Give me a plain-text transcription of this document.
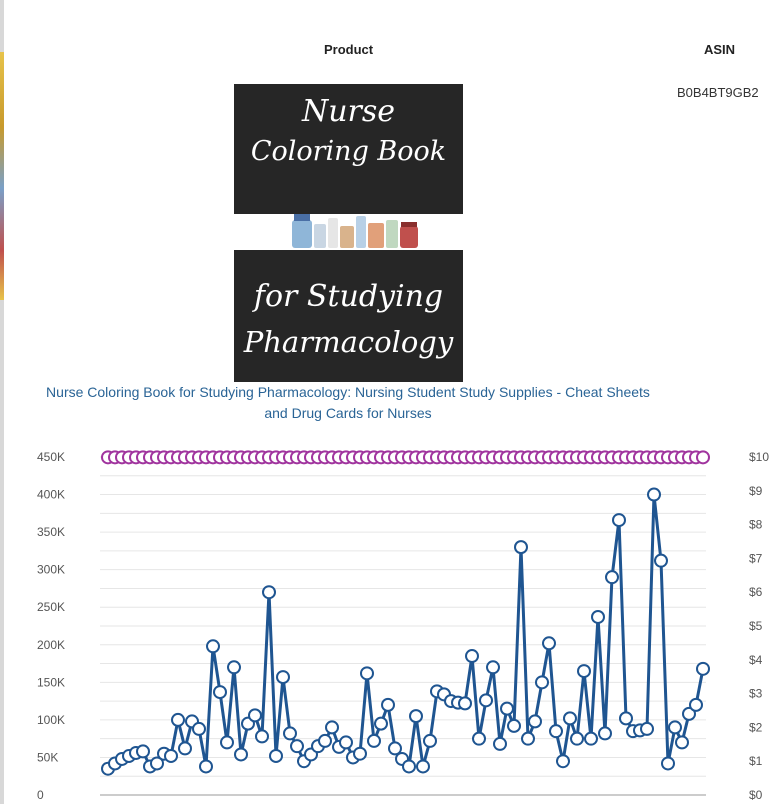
Product	ASIN
B0B4BT9GB2
Nurse
Coloring Book
for Studying
Pharmacology
Nurse Coloring Book for Studying Pharmacology: Nursing Student Study Supplies - Cheat Sheets and Drug Cards for Nurses
0
50K
100K
150K
200K
250K
300K
350K
400K
450K
$0
$1
$2
$3
$4
$5
$6
$7
$8
$9
$10
